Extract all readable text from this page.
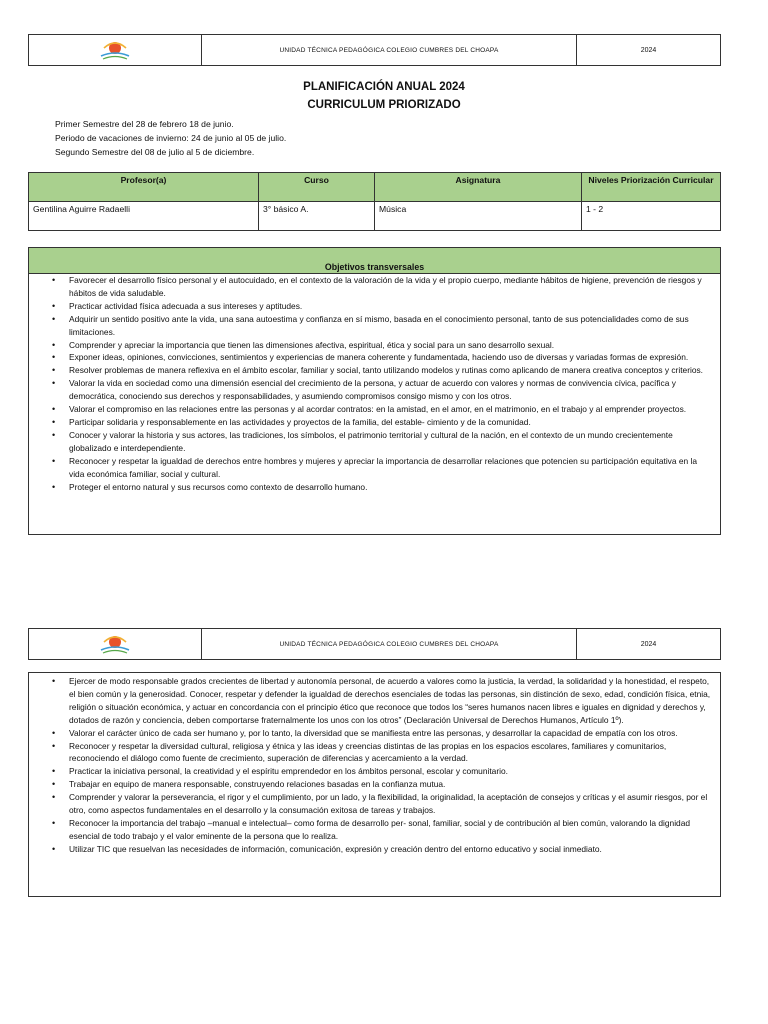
UNIDAD TÉCNICA PEDAGÓGICA COLEGIO CUMBRES DEL CHOAPA	2024
PLANIFICACIÓN ANUAL 2024
CURRICULUM PRIORIZADO
Primer Semestre del 28 de febrero 18 de junio.
Periodo de vacaciones de invierno: 24 de junio al 05 de julio.
Segundo Semestre del 08 de julio al 5 de diciembre.
Profesor(a)	Curso	Asignatura	Niveles Priorización Curricular
Gentilina Aguirre Radaelli	3° básico A.	Música	1 - 2
Objetivos transversales
• Favorecer el desarrollo físico personal y el autocuidado, en el contexto de la valoración de la vida y el propio cuerpo, mediante hábitos de higiene, prevención de riesgos y hábitos de vida saludable.
• Practicar actividad física adecuada a sus intereses y aptitudes.
• Adquirir un sentido positivo ante la vida, una sana autoestima y confianza en sí mismo, basada en el conocimiento personal, tanto de sus potencialidades como de sus limitaciones.
• Comprender y apreciar la importancia que tienen las dimensiones afectiva, espiritual, ética y social para un sano desarrollo sexual.
• Exponer ideas, opiniones, convicciones, sentimientos y experiencias de manera coherente y fundamentada, haciendo uso de diversas y variadas formas de expresión.
• Resolver problemas de manera reflexiva en el ámbito escolar, familiar y social, tanto utilizando modelos y rutinas como aplicando de manera creativa conceptos y criterios.
• Valorar la vida en sociedad como una dimensión esencial del crecimiento de la persona, y actuar de acuerdo con valores y normas de convivencia cívica, pacífica y democrática, conociendo sus derechos y responsabilidades, y asumiendo compromisos consigo mismo y con los otros.
• Valorar el compromiso en las relaciones entre las personas y al acordar contratos: en la amistad, en el amor, en el matrimonio, en el trabajo y al emprender proyectos.
• Participar solidaria y responsablemente en las actividades y proyectos de la familia, del estable- cimiento y de la comunidad.
• Conocer y valorar la historia y sus actores, las tradiciones, los símbolos, el patrimonio territorial y cultural de la nación, en el contexto de un mundo crecientemente globalizado e interdependiente.
• Reconocer y respetar la igualdad de derechos entre hombres y mujeres y apreciar la importancia de desarrollar relaciones que potencien su participación equitativa en la vida económica familiar, social y cultural.
• Proteger el entorno natural y sus recursos como contexto de desarrollo humano.
UNIDAD TÉCNICA PEDAGÓGICA COLEGIO CUMBRES DEL CHOAPA	2024
• Ejercer de modo responsable grados crecientes de libertad y autonomía personal, de acuerdo a valores como la justicia, la verdad, la solidaridad y la honestidad, el respeto, el bien común y la generosidad. Conocer, respetar y defender la igualdad de derechos esenciales de todas las personas, sin distinción de sexo, edad, condición física, etnia, religión o situación económica, y actuar en concordancia con el principio ético que reconoce que todos los “seres humanos nacen libres e iguales en dignidad y derechos y, dotados de razón y conciencia, deben comportarse fraternalmente los unos con los otros” (Declaración Universal de Derechos Humanos, Artículo 1º).
• Valorar el carácter único de cada ser humano y, por lo tanto, la diversidad que se manifiesta entre las personas, y desarrollar la capacidad de empatía con los otros.
• Reconocer y respetar la diversidad cultural, religiosa y étnica y las ideas y creencias distintas de las propias en los espacios escolares, familiares y comunitarios, reconociendo el diálogo como fuente de crecimiento, superación de diferencias y acercamiento a la verdad.
• Practicar la iniciativa personal, la creatividad y el espíritu emprendedor en los ámbitos personal, escolar y comunitario.
• Trabajar en equipo de manera responsable, construyendo relaciones basadas en la confianza mutua.
• Comprender y valorar la perseverancia, el rigor y el cumplimiento, por un lado, y la flexibilidad, la originalidad, la aceptación de consejos y críticas y el asumir riesgos, por el otro, como aspectos fundamentales en el desarrollo y la consumación exitosa de tareas y trabajos.
• Reconocer la importancia del trabajo –manual e intelectual– como forma de desarrollo per- sonal, familiar, social y de contribución al bien común, valorando la dignidad esencial de todo trabajo y el valor eminente de la persona que lo realiza.
• Utilizar TIC que resuelvan las necesidades de información, comunicación, expresión y creación dentro del entorno educativo y social inmediato.
